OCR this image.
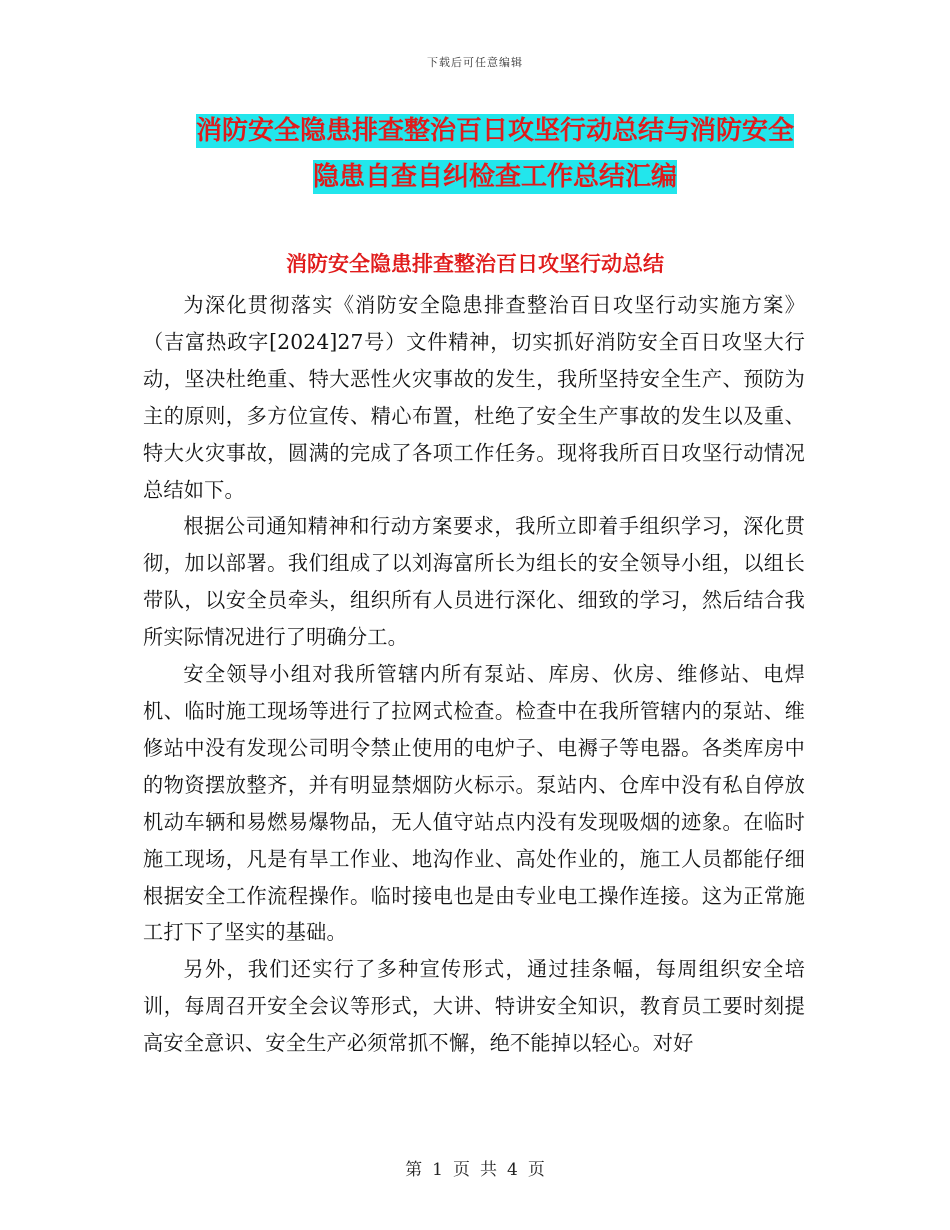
下载后可任意编辑
消防安全隐患排查整治百日攻坚行动总结与消防安全
隐患自查自纠检查工作总结汇编
消防安全隐患排查整治百日攻坚行动总结

为深化贯彻落实《消防安全隐患排查整治百日攻坚行动实施方案》（吉富热政字[2024]27号）文件精神，切实抓好消防安全百日攻坚大行动，坚决杜绝重、特大恶性火灾事故的发生，我所坚持安全生产、预防为主的原则，多方位宣传、精心布置，杜绝了安全生产事故的发生以及重、特大火灾事故，圆满的完成了各项工作任务。现将我所百日攻坚行动情况总结如下。

根据公司通知精神和行动方案要求，我所立即着手组织学习，深化贯彻，加以部署。我们组成了以刘海富所长为组长的安全领导小组，以组长带队，以安全员牵头，组织所有人员进行深化、细致的学习，然后结合我所实际情况进行了明确分工。

安全领导小组对我所管辖内所有泵站、库房、伙房、维修站、电焊机、临时施工现场等进行了拉网式检查。检查中在我所管辖内的泵站、维修站中没有发现公司明令禁止使用的电炉子、电褥子等电器。各类库房中的物资摆放整齐，并有明显禁烟防火标示。泵站内、仓库中没有私自停放机动车辆和易燃易爆物品，无人值守站点内没有发现吸烟的迹象。在临时施工现场，凡是有旱工作业、地沟作业、高处作业的，施工人员都能仔细根据安全工作流程操作。临时接电也是由专业电工操作连接。这为正常施工打下了坚实的基础。

另外，我们还实行了多种宣传形式，通过挂条幅，每周组织安全培训，每周召开安全会议等形式，大讲、特讲安全知识，教育员工要时刻提高安全意识、安全生产必须常抓不懈，绝不能掉以轻心。对好

第 1 页 共 4 页
